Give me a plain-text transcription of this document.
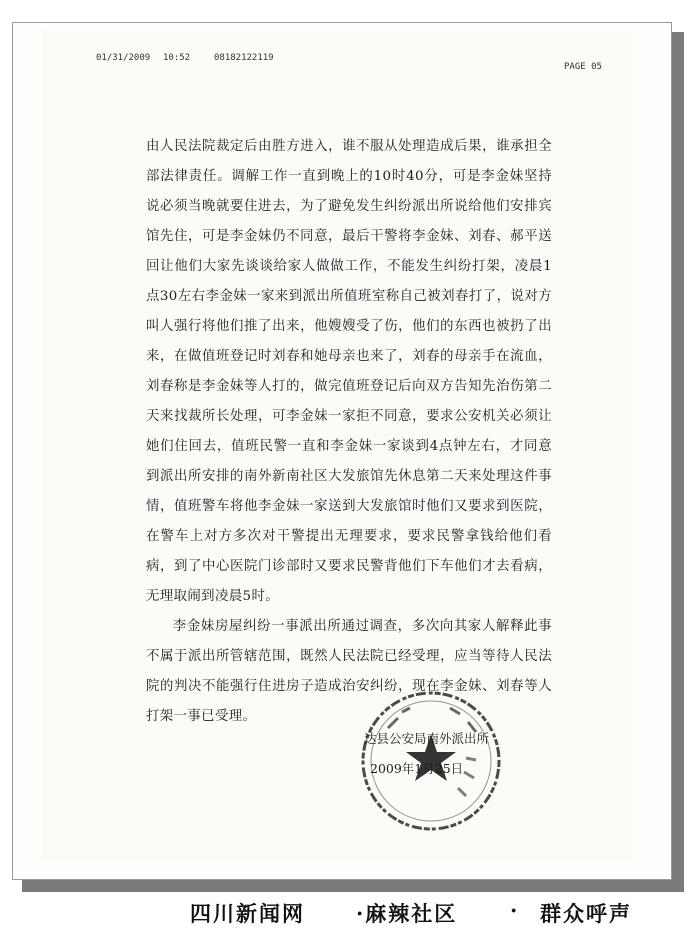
01/31/2009 10:52	08182122119
PAGE 05

由人民法院裁定后由胜方进入，谁不服从处理造成后果，谁承担全部法律责任。调解工作一直到晚上的10时40分，可是李金妹坚持说必须当晚就要住进去，为了避免发生纠纷派出所说给他们安排宾馆先住，可是李金妹仍不同意，最后干警将李金妹、刘春、郝平送回让他们大家先谈谈给家人做做工作，不能发生纠纷打架，凌晨1点30左右李金妹一家来到派出所值班室称自己被刘春打了，说对方叫人强行将他们推了出来，他嫂嫂受了伤，他们的东西也被扔了出来，在做值班登记时刘春和她母亲也来了，刘春的母亲手在流血，刘春称是李金妹等人打的，做完值班登记后向双方告知先治伤第二天来找裁所长处理，可李金妹一家拒不同意，要求公安机关必须让她们住回去，值班民警一直和李金妹一家谈到4点钟左右，才同意到派出所安排的南外新南社区大发旅馆先休息第二天来处理这件事情，值班警车将他李金妹一家送到大发旅馆时他们又要求到医院，在警车上对方多次对干警提出无理要求，要求民警拿钱给他们看病，到了中心医院门诊部时又要求民警背他们下车他们才去看病，无理取闹到凌晨5时。

李金妹房屋纠纷一事派出所通过调查，多次向其家人解释此事不属于派出所管辖范围，既然人民法院已经受理，应当等待人民法院的判决不能强行住进房子造成治安纠纷，现在李金妹、刘春等人打架一事已受理。

达县公安局南外派出所
2009年1月25日
四川新闻网 ·麻辣社区	· 群众呼声
